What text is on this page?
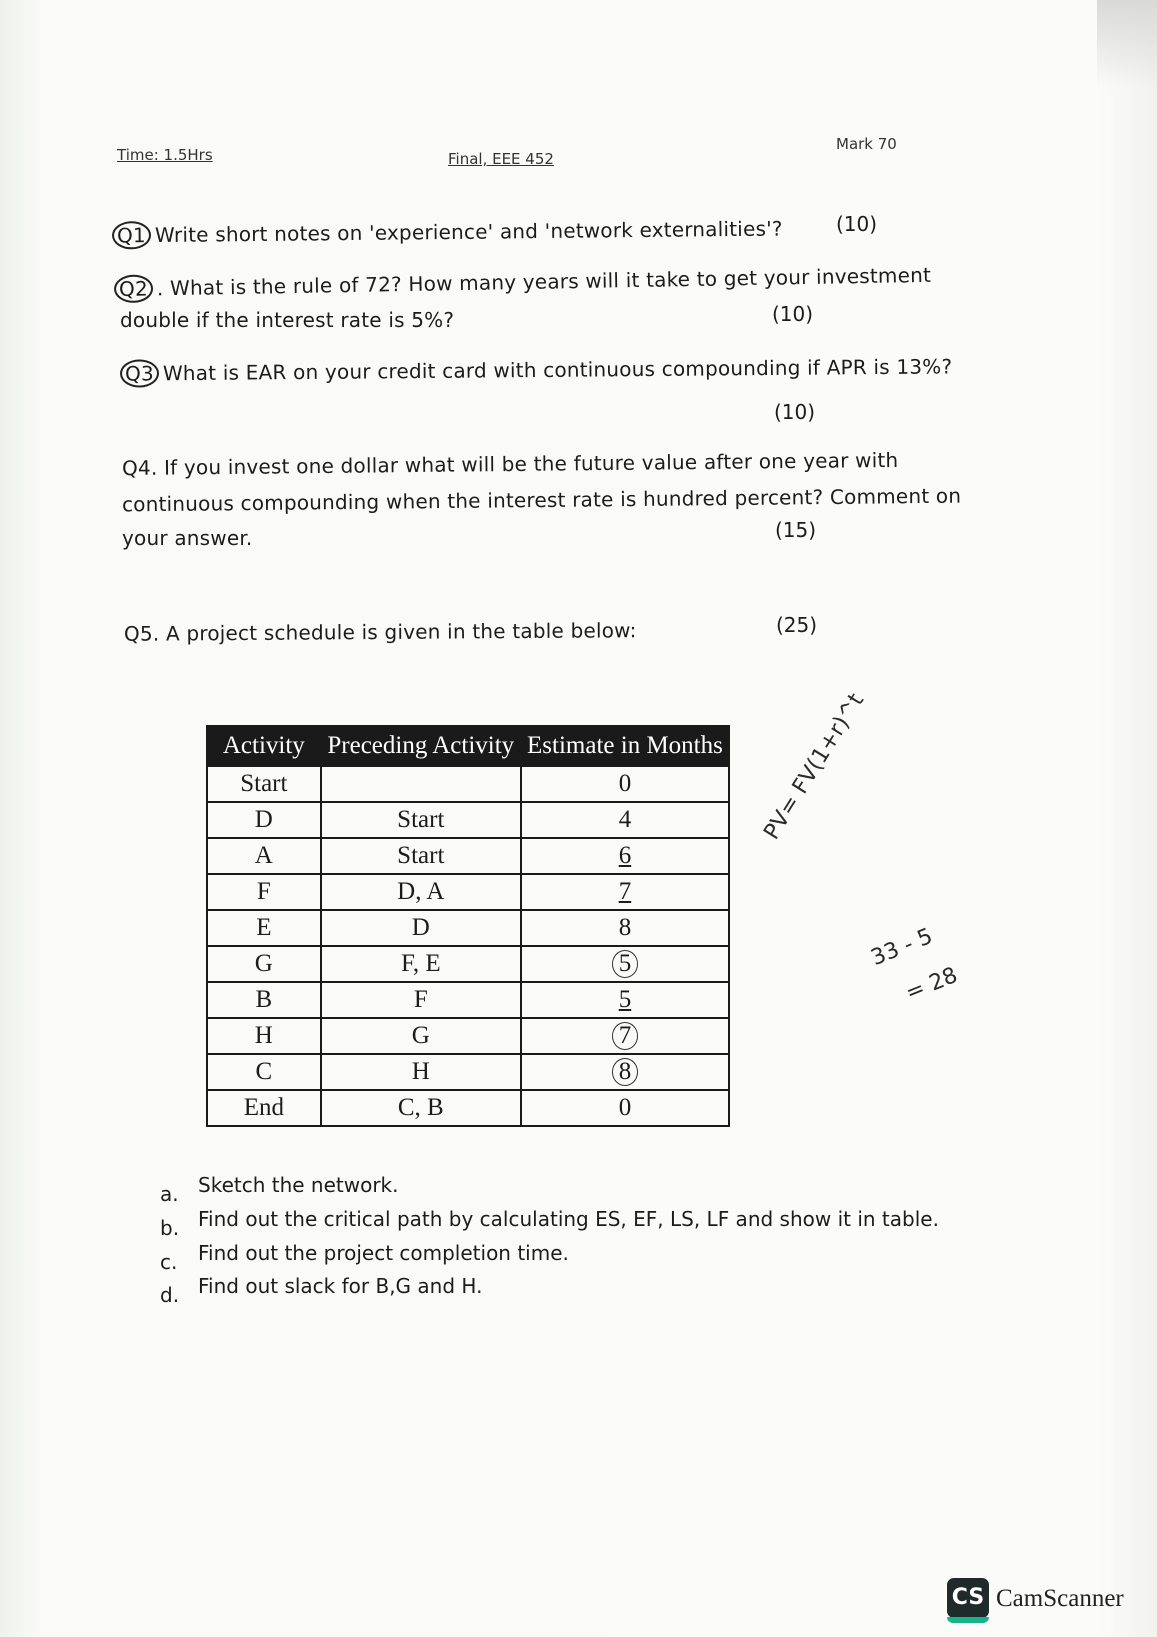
Time: 1.5Hrs	Final, EEE 452
Mark 70
Q1 Write short notes on 'experience' and 'network externalities'?	(10)
Q2 . What is the rule of 72? How many years will it take to get your investment
double if the interest rate is 5%?	(10)
Q3 What is EAR on your credit card with continuous compounding if APR is 13%?
(10)
Q4. If you invest one dollar what will be the future value after one year with
continuous compounding when the interest rate is hundred percent? Comment on
your answer.	(15)
Q5. A project schedule is given in the table below:	(25)
Activity	Preceding Activity	Estimate in Months
Start		0
D	Start	4
A	Start	6
F	D, A	7
E	D	8
G	F, E	5
B	F	5
H	G	7
C	H	8
End	C, B	0
PV= FV(1+r)^t
33 - 5
= 28
a. Sketch the network.
b. Find out the critical path by calculating ES, EF, LS, LF and show it in table.
c. Find out the project completion time.
d. Find out slack for B,G and H.
CS CamScanner
